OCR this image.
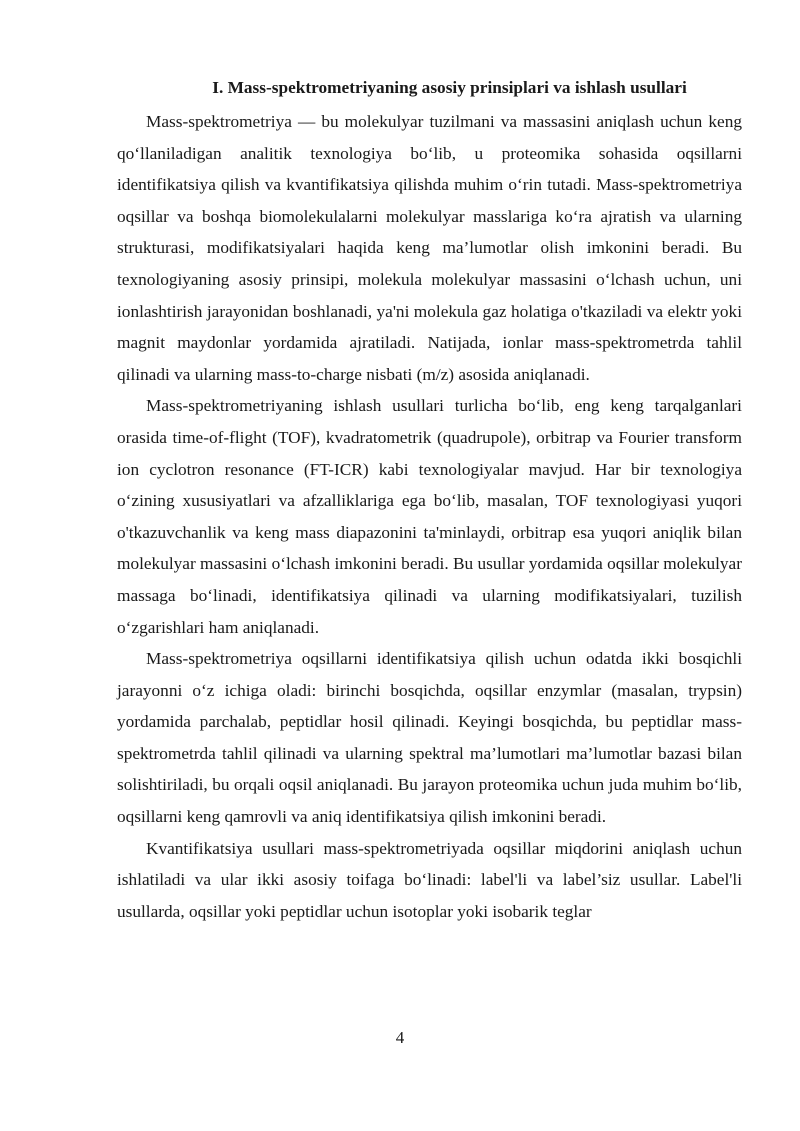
I. Mass-spektrometriyaning asosiy prinsiplari va ishlash usullari

Mass-spektrometriya — bu molekulyar tuzilmani va massasini aniqlash uchun keng qo‘llaniladigan analitik texnologiya bo‘lib, u proteomika sohasida oqsillarni identifikatsiya qilish va kvantifikatsiya qilishda muhim o‘rin tutadi. Mass-spektrometriya oqsillar va boshqa biomolekulalarni molekulyar masslariga ko‘ra ajratish va ularning strukturasi, modifikatsiyalari haqida keng ma’lumotlar olish imkonini beradi. Bu texnologiyaning asosiy prinsipi, molekula molekulyar massasini o‘lchash uchun, uni ionlashtirish jarayonidan boshlanadi, ya'ni molekula gaz holatiga o'tkaziladi va elektr yoki magnit maydonlar yordamida ajratiladi. Natijada, ionlar mass-spektrometrda tahlil qilinadi va ularning mass-to-charge nisbati (m/z) asosida aniqlanadi.

Mass-spektrometriyaning ishlash usullari turlicha bo‘lib, eng keng tarqalganlari orasida time-of-flight (TOF), kvadratometrik (quadrupole), orbitrap va Fourier transform ion cyclotron resonance (FT-ICR) kabi texnologiyalar mavjud. Har bir texnologiya o‘zining xususiyatlari va afzalliklariga ega bo‘lib, masalan, TOF texnologiyasi yuqori o'tkazuvchanlik va keng mass diapazonini ta'minlaydi, orbitrap esa yuqori aniqlik bilan molekulyar massasini o‘lchash imkonini beradi. Bu usullar yordamida oqsillar molekulyar massaga bo‘linadi, identifikatsiya qilinadi va ularning modifikatsiyalari, tuzilish o‘zgarishlari ham aniqlanadi.

Mass-spektrometriya oqsillarni identifikatsiya qilish uchun odatda ikki bosqichli jarayonni o‘z ichiga oladi: birinchi bosqichda, oqsillar enzymlar (masalan, trypsin) yordamida parchalab, peptidlar hosil qilinadi. Keyingi bosqichda, bu peptidlar mass-spektrometrda tahlil qilinadi va ularning spektral ma’lumotlari ma’lumotlar bazasi bilan solishtiriladi, bu orqali oqsil aniqlanadi. Bu jarayon proteomika uchun juda muhim bo‘lib, oqsillarni keng qamrovli va aniq identifikatsiya qilish imkonini beradi.

Kvantifikatsiya usullari mass-spektrometriyada oqsillar miqdorini aniqlash uchun ishlatiladi va ular ikki asosiy toifaga bo‘linadi: label'li va label’siz usullar. Label'li usullarda, oqsillar yoki peptidlar uchun isotoplar yoki isobarik teglar

4
